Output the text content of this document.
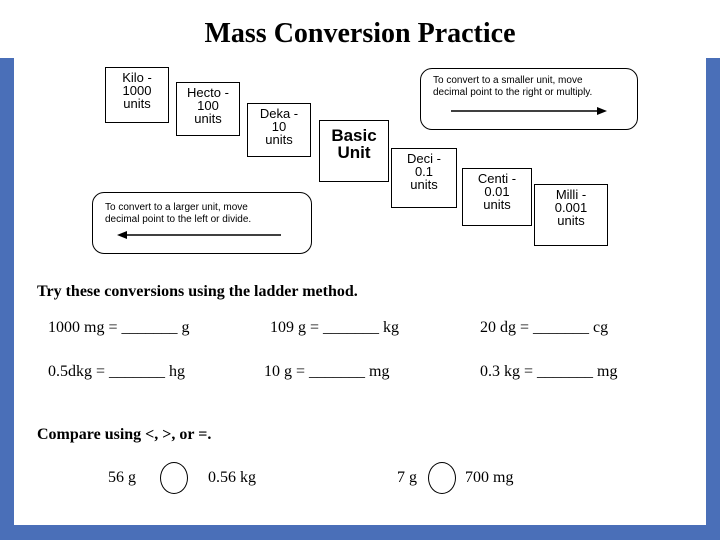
Mass Conversion Practice
Kilo -
1000
units
Hecto -
100
units	Deka -
10
units	Basic
Unit	Deci -
0.1
units	Centi -
0.01
units
Milli -
0.001
units
To convert to a smaller unit, move
decimal point to the right or multiply.
To convert to a larger unit, move
decimal point to the left or divide.
Try these conversions using the ladder method.
1000 mg = _______ g	109 g = _______ kg	20 dg = _______ cg
0.5dkg = _______ hg	10 g = _______ mg	0.3 kg = _______ mg
Compare using <, >, or =.
56 g	0.56 kg	7 g	700 mg
